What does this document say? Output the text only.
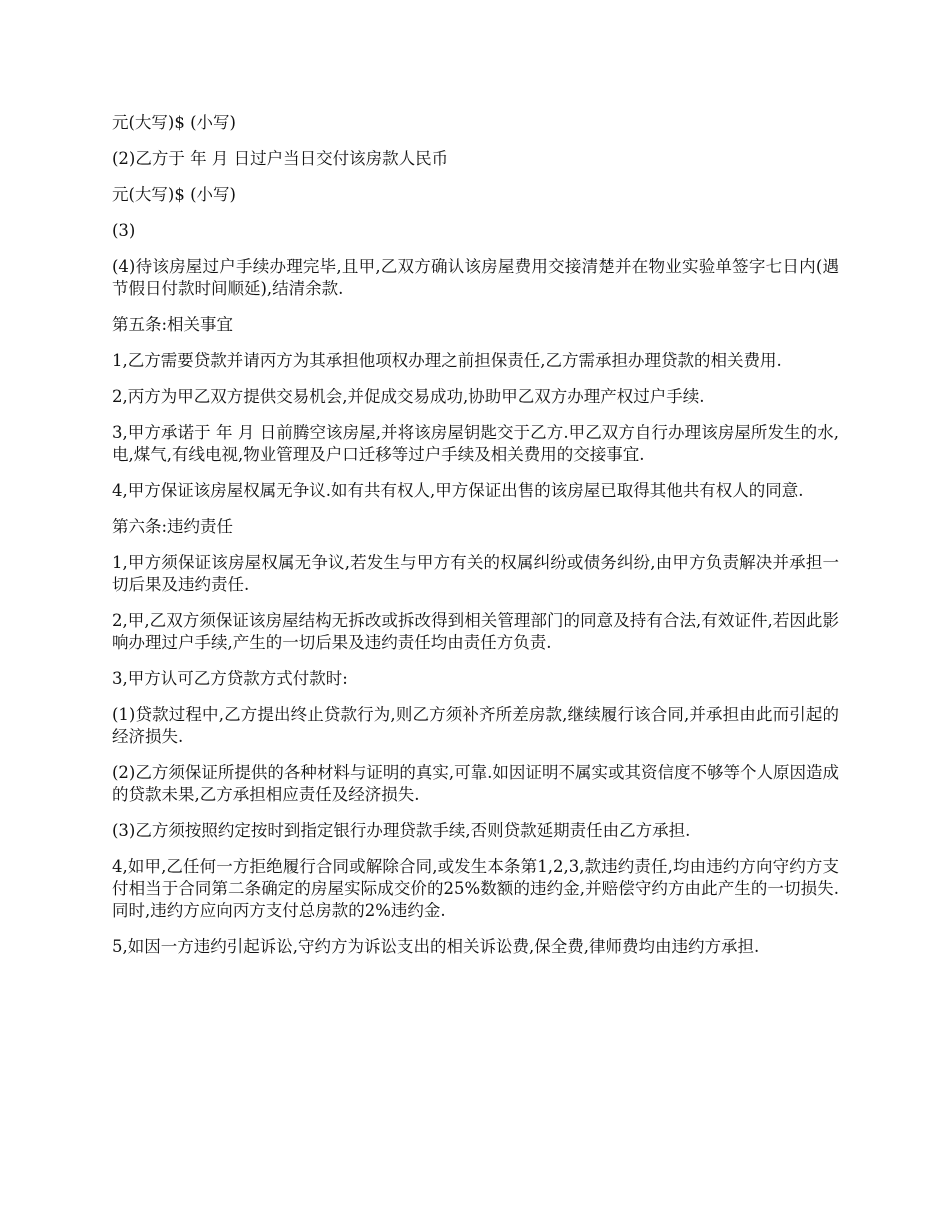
元(大写)$ (小写)

(2)乙方于 年 月 日过户当日交付该房款人民币

元(大写)$ (小写)

(3)

(4)待该房屋过户手续办理完毕,且甲,乙双方确认该房屋费用交接清楚并在物业实验单签字七日内(遇节假日付款时间顺延),结清余款.

第五条:相关事宜

1,乙方需要贷款并请丙方为其承担他项权办理之前担保责任,乙方需承担办理贷款的相关费用.

2,丙方为甲乙双方提供交易机会,并促成交易成功,协助甲乙双方办理产权过户手续.

3,甲方承诺于 年 月 日前腾空该房屋,并将该房屋钥匙交于乙方.甲乙双方自行办理该房屋所发生的水,电,煤气,有线电视,物业管理及户口迁移等过户手续及相关费用的交接事宜.

4,甲方保证该房屋权属无争议.如有共有权人,甲方保证出售的该房屋已取得其他共有权人的同意.

第六条:违约责任

1,甲方须保证该房屋权属无争议,若发生与甲方有关的权属纠纷或债务纠纷,由甲方负责解决并承担一切后果及违约责任.

2,甲,乙双方须保证该房屋结构无拆改或拆改得到相关管理部门的同意及持有合法,有效证件,若因此影响办理过户手续,产生的一切后果及违约责任均由责任方负责.

3,甲方认可乙方贷款方式付款时:

(1)贷款过程中,乙方提出终止贷款行为,则乙方须补齐所差房款,继续履行该合同,并承担由此而引起的经济损失.

(2)乙方须保证所提供的各种材料与证明的真实,可靠.如因证明不属实或其资信度不够等个人原因造成的贷款未果,乙方承担相应责任及经济损失.

(3)乙方须按照约定按时到指定银行办理贷款手续,否则贷款延期责任由乙方承担.

4,如甲,乙任何一方拒绝履行合同或解除合同,或发生本条第1,2,3,款违约责任,均由违约方向守约方支付相当于合同第二条确定的房屋实际成交价的25%数额的违约金,并赔偿守约方由此产生的一切损失.同时,违约方应向丙方支付总房款的2%违约金.

5,如因一方违约引起诉讼,守约方为诉讼支出的相关诉讼费,保全费,律师费均由违约方承担.
